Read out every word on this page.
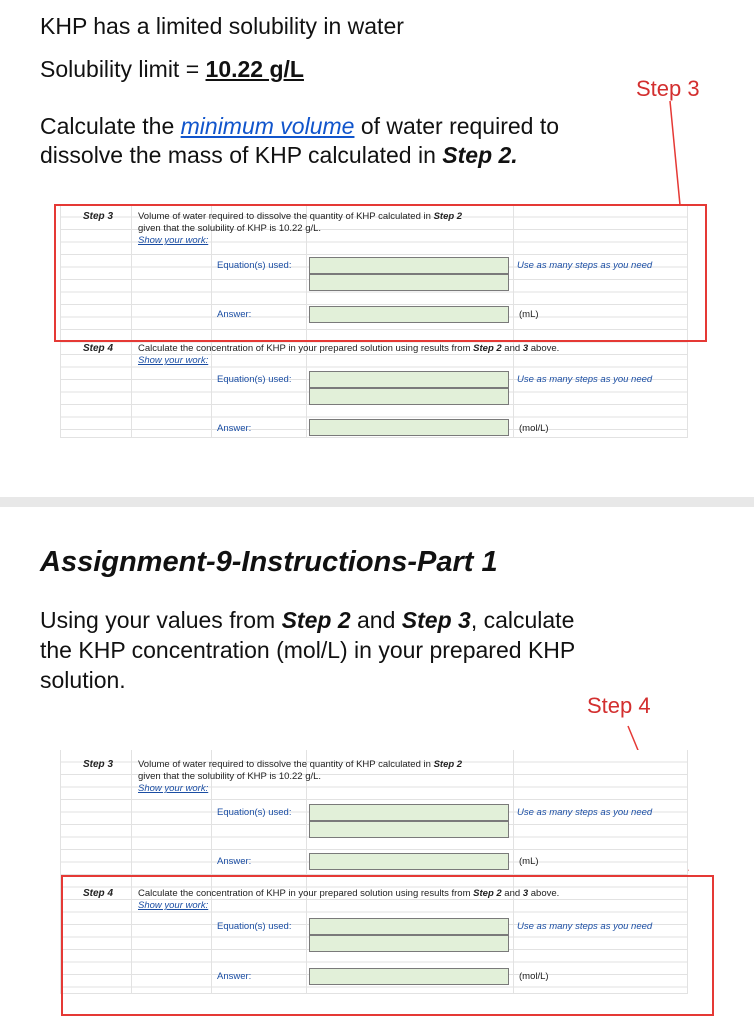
KHP has a limited solubility in water
Solubility limit = 10.22 g/L
Calculate the minimum volume of water required to
dissolve the mass of KHP calculated in Step 2.
Step 3
Step 3	Volume of water required to dissolve the quantity of KHP calculated in Step 2
given that the solubility of KHP is 10.22 g/L.
Show your work:
Equation(s) used:	Use as many steps as you need
Answer:	(mL)
Step 4	Calculate the concentration of KHP in your prepared solution using results from Step 2 and 3 above.
Show your work:
Equation(s) used:	Use as many steps as you need
Answer:	(mol/L)
Assignment-9-Instructions-Part 1
Using your values from Step 2 and Step 3, calculate
the KHP concentration (mol/L) in your prepared KHP
solution.
Step 4
Step 3	Volume of water required to dissolve the quantity of KHP calculated in Step 2
given that the solubility of KHP is 10.22 g/L.
Show your work:
Equation(s) used:	Use as many steps as you need
Answer:	(mL)
Step 4	Calculate the concentration of KHP in your prepared solution using results from Step 2 and 3 above.
Show your work:
Equation(s) used:	Use as many steps as you need
Answer:	(mol/L)
